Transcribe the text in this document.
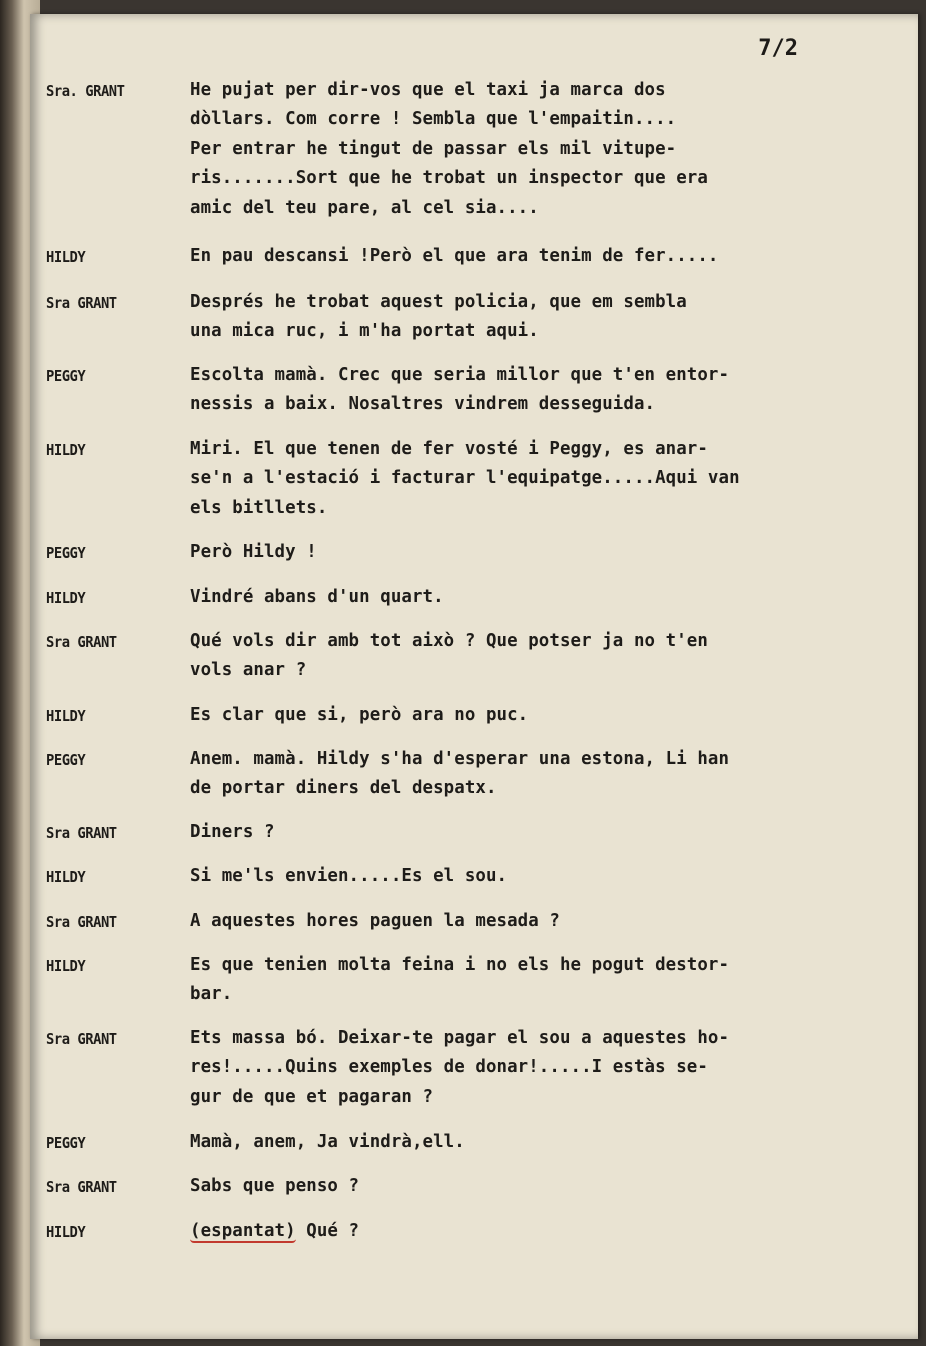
7/2
Sra. GRANT	He pujat per dir-vos que el taxi ja marca dos
dòllars. Com corre ! Sembla que l'empaitin....
Per entrar he tingut de passar els mil vitupe-
ris.......Sort que he trobat un inspector que era
amic del teu pare, al cel sia....
HILDY	En pau descansi !Però el que ara tenim de fer.....
Sra GRANT	Després he trobat aquest policia, que em sembla
una mica ruc, i m'ha portat aqui.
PEGGY	Escolta mamà. Crec que seria millor que t'en entor-
nessis a baix. Nosaltres vindrem desseguida.
HILDY	Miri. El que tenen de fer vosté i Peggy, es anar-
se'n a l'estació i facturar l'equipatge.....Aqui van
els bitllets.
PEGGY	Però Hildy !
HILDY	Vindré abans d'un quart.
Sra GRANT	Qué vols dir amb tot això ? Que potser ja no t'en
vols anar ?
HILDY	Es clar que si, però ara no puc.
PEGGY	Anem. mamà. Hildy s'ha d'esperar una estona, Li han
de portar diners del despatx.
Sra GRANT	Diners ?
HILDY	Si me'ls envien.....Es el sou.
Sra GRANT	A aquestes hores paguen la mesada ?
HILDY	Es que tenien molta feina i no els he pogut destor-
bar.
Sra GRANT	Ets massa bó. Deixar-te pagar el sou a aquestes ho-
res!.....Quins exemples de donar!.....I estàs se-
gur de que et pagaran ?
PEGGY	Mamà, anem, Ja vindrà,ell.
Sra GRANT	Sabs que penso ?
HILDY	(espantat) Qué ?
